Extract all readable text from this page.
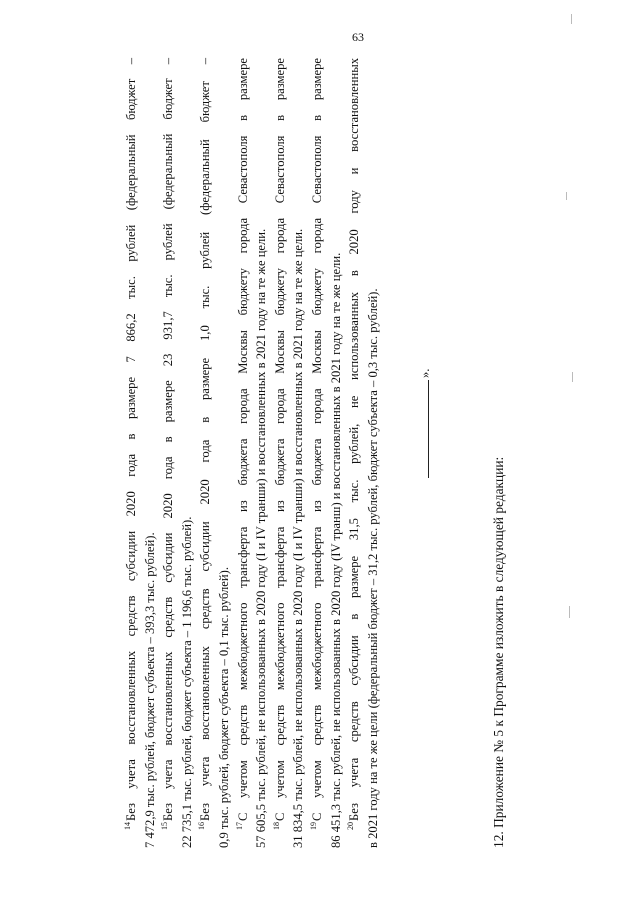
63

$^{14}$Без учета восстановленных средств субсидии 2020 года в размере 7 866,2 тыс. рублей (федеральный бюджет – 7 472,9 тыс. рублей, бюджет субъекта – 393,3 тыс. рублей). $^{15}$Без учета восстановленных средств субсидии 2020 года в размере 23 931,7 тыс. рублей (федеральный бюджет – 22 735,1 тыс. рублей, бюджет субъекта – 1 196,6 тыс. рублей). $^{16}$Без учета восстановленных средств субсидии 2020 года в размере 1,0 тыс. рублей (федеральный бюджет – 0,9 тыс. рублей, бюджет субъекта – 0,1 тыс. рублей). $^{17}$С учетом средств межбюджетного трансферта из бюджета города Москвы бюджету города Севастополя в размере 57 605,5 тыс. рублей, не использованных в 2020 году (I и IV транши) и восстановленных в 2021 году на те же цели. $^{18}$С учетом средств межбюджетного трансферта из бюджета города Москвы бюджету города Севастополя в размере 31 834,5 тыс. рублей, не использованных в 2020 году (I и IV транши) и восстановленных в 2021 году на те же цели. $^{19}$С учетом средств межбюджетного трансферта из бюджета города Москвы бюджету города Севастополя в размере 86 451,3 тыс. рублей, не использованных в 2020 году (IV транш) и восстановленных в 2021 году на те же цели. $^{20}$Без учета средств субсидии в размере 31,5 тыс. рублей, не использованных в 2020 году и восстановленных в 2021 году на те же цели (федеральный бюджет – 31,2 тыс. рублей, бюджет субъекта – 0,3 тыс. рублей).	».

12. Приложение № 5 к Программе изложить в следующей редакции:
